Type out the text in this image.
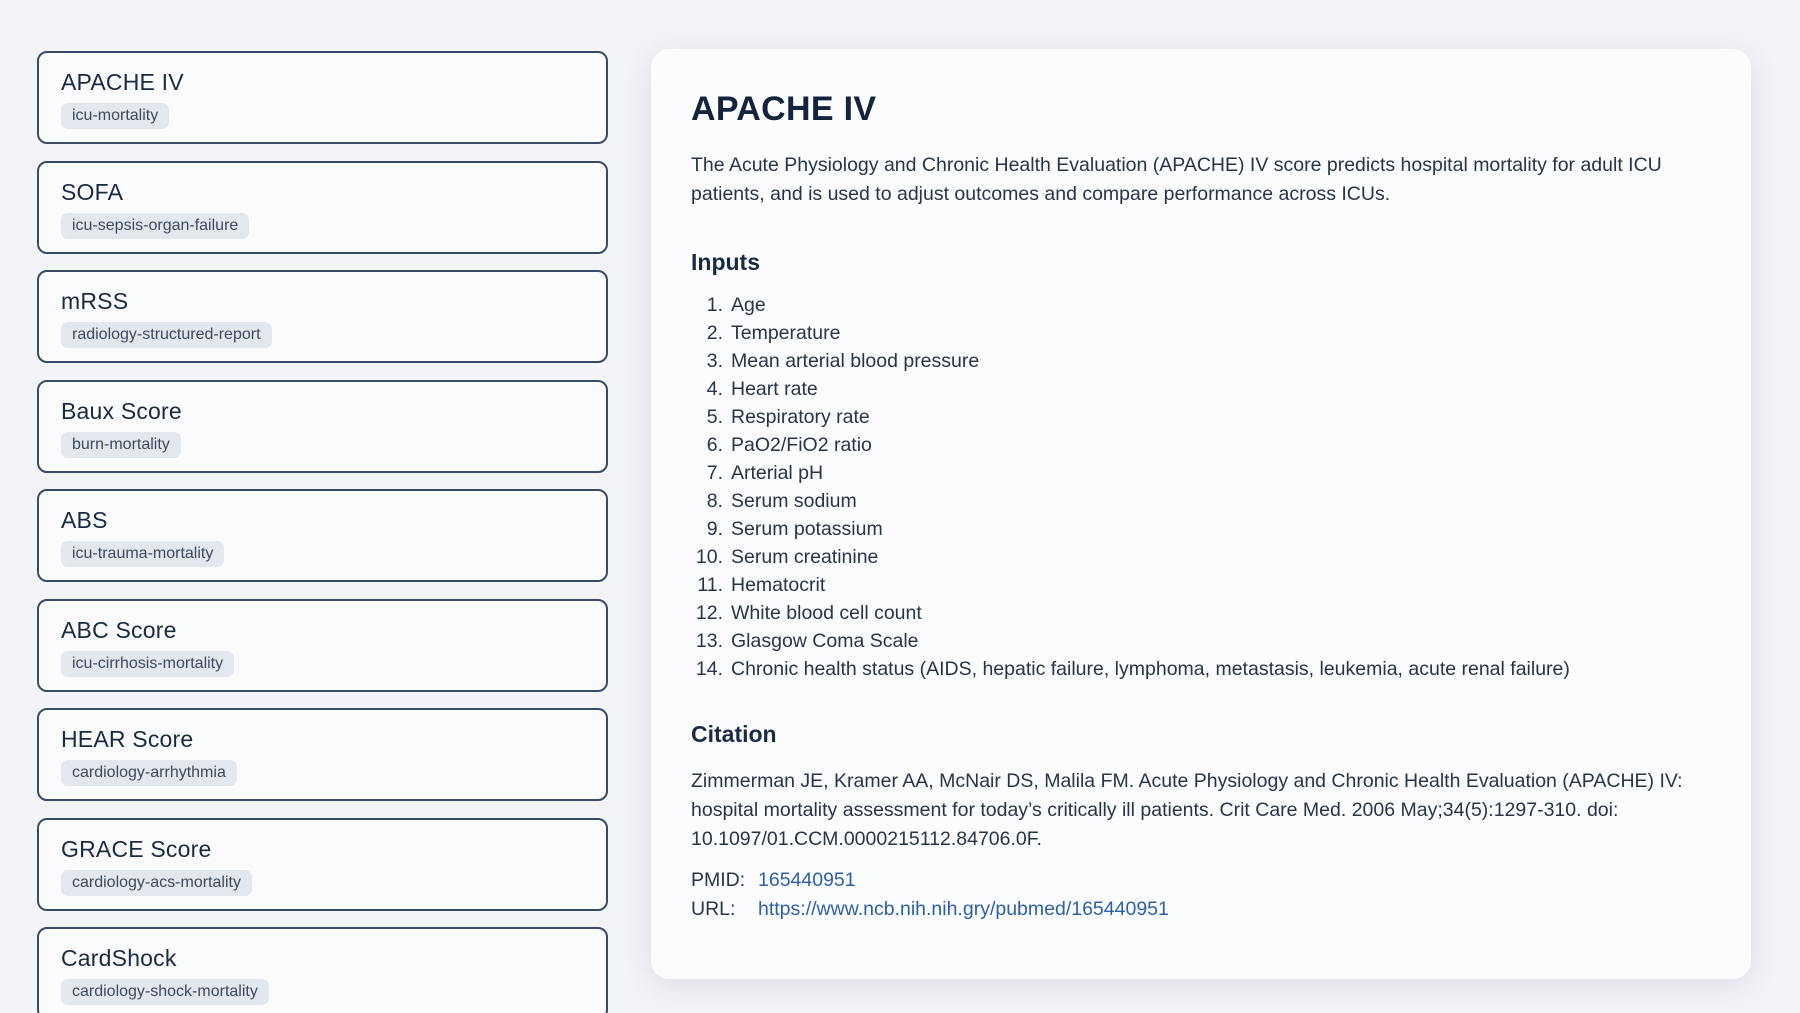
APACHE IV
icu-mortality
SOFA
icu-sepsis-organ-failure
mRSS
radiology-structured-report
Baux Score
burn-mortality
ABS
icu-trauma-mortality
ABC Score
icu-cirrhosis-mortality
HEAR Score
cardiology-arrhythmia
GRACE Score
cardiology-acs-mortality
CardShock
cardiology-shock-mortality
APACHE IV

The Acute Physiology and Chronic Health Evaluation (APACHE) IV score predicts hospital mortality for adult ICU patients, and is used to adjust outcomes and compare performance across ICUs.

Inputs
1. Age
2. Temperature
3. Mean arterial blood pressure
4. Heart rate
5. Respiratory rate
6. PaO2/FiO2 ratio
7. Arterial pH
8. Serum sodium
9. Serum potassium
10. Serum creatinine
11. Hematocrit
12. White blood cell count
13. Glasgow Coma Scale
14. Chronic health status (AIDS, hepatic failure, lymphoma, metastasis, leukemia, acute renal failure)
Citation

Zimmerman JE, Kramer AA, McNair DS, Malila FM. Acute Physiology and Chronic Health Evaluation (APACHE) IV: hospital mortality assessment for today’s critically ill patients. Crit Care Med. 2006 May;34(5):1297-310. doi: 10.1097/01.CCM.0000215112.84706.0F.

PMID: 165440951
URL:	https://www.ncb.nih.nih.gry/pubmed/165440951
